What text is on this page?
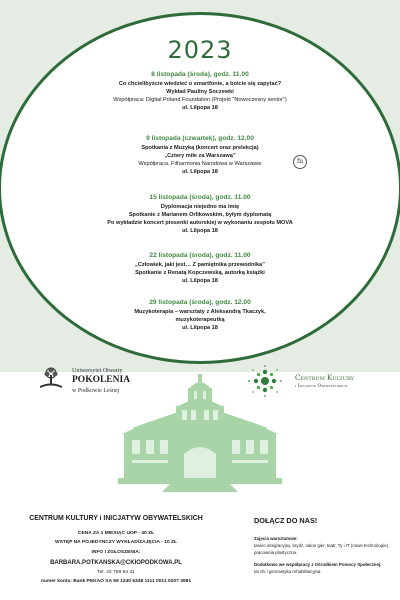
2023
8 listopada (środa), godz. 11.00
Co chcielibyście wiedzieć o smartfonie, a boicie się zapytać?
Wykład Pauliny Soczewki
Współpraca: Digital Poland Foundation (Projekt "Nowoczesny senior")
ul. Lilpopa 18
9 listopada (czwartek), godz. 12.00
Spotkania z Muzyką (koncert oraz prelekcja)
„Cztery miłe za Warszawą”
Współpraca. Filharmonia Narodowa w Warszawie
ul. Lilpopa 18
fn
15 listopada (środa), godz. 11.00
Dyplomacja niejedno ma imię
Spotkanie z Marianem Orlikowskim, byłym dyplomatą
Po wykładzie koncert piosenki autorskiej w wykonaniu zespołu MOVA
ul. Lilpopa 18
22 listopada (środa), godz. 11.00
„Człowiek, jaki jest… Z pamiętnika przewodnika”
Spotkanie z Renatą Kopczewską, autorką książki
ul. Lilpopa 18
29 listopada (środa), godz. 12.00
Muzykoterapia – warsztaty z Aleksandrą Tkaczyk,
muzykoterapeutką
ul. Lilpopa 18
Uniwersytet Otwarty
POKOLENIA
w Podkowie Leśnej
Centrum Kultury
i Inicjatyw Obywatelskich
CENTRUM KULTURY i INICJATYW OBYWATELSKICH
CENA ZA 1 MIESIĄC UOP - 40 ZŁ
WSTĘP NA POJEDYNCZY WYKŁAD/ZAJĘCIA - 10 ZŁ
INFO I ZGŁOSZENIA:
BARBARA.POTKANSKA@CKIOPODKOWA.PL
Tel. 22 758 94 41
numer konta: Bank PEKAO SA 59 1240 6348 1111 0011 0207 3981
DOŁĄCZ DO NAS!
Zajęcia warsztatowe:
taniec integracyjny, brydż, salon gier, teatr, Ty i IT (nowe technologie), pracownia plastyczna.
Dodatkowo we współpracy z Ośrodkiem Pomocy Społecznej:
tai chi i gimnastyka rehabilitacyjna.
